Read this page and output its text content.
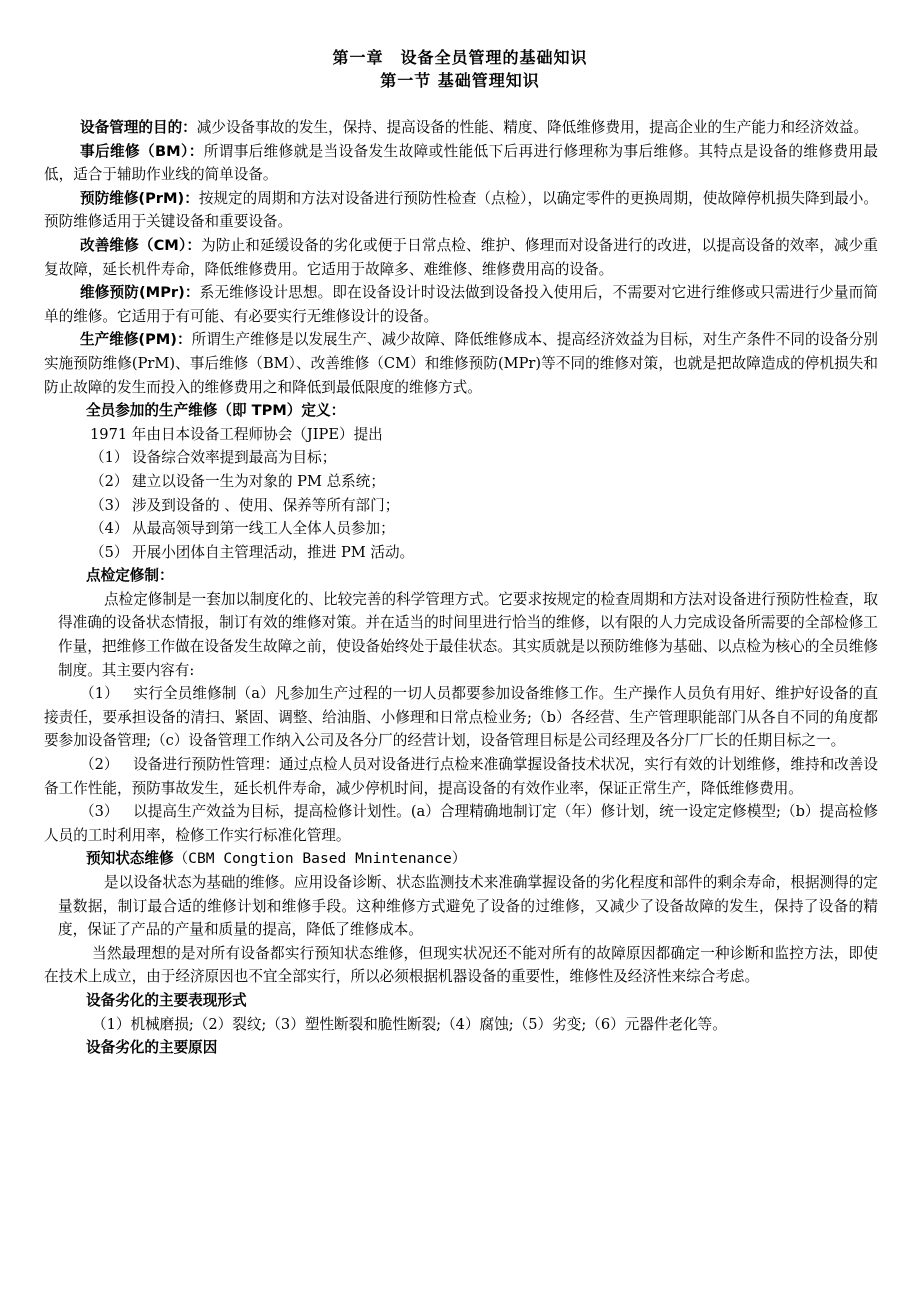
第一章　设备全员管理的基础知识

第一节 基础管理知识

设备管理的目的：减少设备事故的发生，保持、提高设备的性能、精度、降低维修费用，提高企业的生产能力和经济效益。

事后维修（BM）：所谓事后维修就是当设备发生故障或性能低下后再进行修理称为事后维修。其特点是设备的维修费用最低，适合于辅助作业线的简单设备。

预防维修(PrM)：按规定的周期和方法对设备进行预防性检查（点检），以确定零件的更换周期，使故障停机损失降到最小。预防维修适用于关键设备和重要设备。

改善维修（CM）：为防止和延缓设备的劣化或便于日常点检、维护、修理而对设备进行的改进，以提高设备的效率，减少重复故障，延长机件寿命，降低维修费用。它适用于故障多、难维修、维修费用高的设备。

维修预防(MPr)：系无维修设计思想。即在设备设计时设法做到设备投入使用后，不需要对它进行维修或只需进行少量而简单的维修。它适用于有可能、有必要实行无维修设计的设备。

生产维修(PM)：所谓生产维修是以发展生产、减少故障、降低维修成本、提高经济效益为目标，对生产条件不同的设备分别实施预防维修(PrM)、事后维修（BM）、改善维修（CM）和维修预防(MPr)等不同的维修对策，也就是把故障造成的停机损失和防止故障的发生而投入的维修费用之和降低到最低限度的维修方式。

全员参加的生产维修（即 TPM）定义：

1971 年由日本设备工程师协会（JIPE）提出

（1） 设备综合效率提到最高为目标；

（2） 建立以设备一生为对象的 PM 总系统；

（3） 涉及到设备的 、使用、保养等所有部门；

（4） 从最高领导到第一线工人全体人员参加；

（5） 开展小团体自主管理活动，推进 PM 活动。

点检定修制：

点检定修制是一套加以制度化的、比较完善的科学管理方式。它要求按规定的检查周期和方法对设备进行预防性检查，取得准确的设备状态情报，制订有效的维修对策。并在适当的时间里进行恰当的维修，以有限的人力完成设备所需要的全部检修工作量，把维修工作做在设备发生故障之前，使设备始终处于最佳状态。其实质就是以预防维修为基础、以点检为核心的全员维修制度。其主要内容有:

（1）  实行全员维修制（a）凡参加生产过程的一切人员都要参加设备维修工作。生产操作人员负有用好、维护好设备的直接责任，要承担设备的清扫、紧固、调整、给油脂、小修理和日常点检业务;（b）各经营、生产管理职能部门从各自不同的角度都要参加设备管理;（c）设备管理工作纳入公司及各分厂的经营计划，设备管理目标是公司经理及各分厂厂长的任期目标之一。

（2）  设备进行预防性管理：通过点检人员对设备进行点检来准确掌握设备技术状况，实行有效的计划维修，维持和改善设备工作性能，预防事故发生，延长机件寿命，减少停机时间，提高设备的有效作业率，保证正常生产，降低维修费用。

（3）  以提高生产效益为目标，提高检修计划性。(a）合理精确地制订定（年）修计划，统一设定定修模型;（b）提高检修人员的工时利用率，检修工作实行标准化管理。

预知状态维修（CBM Congtion Based Mnintenance）

是以设备状态为基础的维修。应用设备诊断、状态监测技术来准确掌握设备的劣化程度和部件的剩余寿命，根据测得的定量数据，制订最合适的维修计划和维修手段。这种维修方式避免了设备的过维修，又减少了设备故障的发生，保持了设备的精度，保证了产品的产量和质量的提高，降低了维修成本。

当然最理想的是对所有设备都实行预知状态维修，但现实状况还不能对所有的故障原因都确定一种诊断和监控方法，即使在技术上成立，由于经济原因也不宜全部实行，所以必须根据机器设备的重要性，维修性及经济性来综合考虑。

设备劣化的主要表现形式

（1）机械磨损;（2）裂纹;（3）塑性断裂和脆性断裂;（4）腐蚀;（5）劣变;（6）元器件老化等。

设备劣化的主要原因
